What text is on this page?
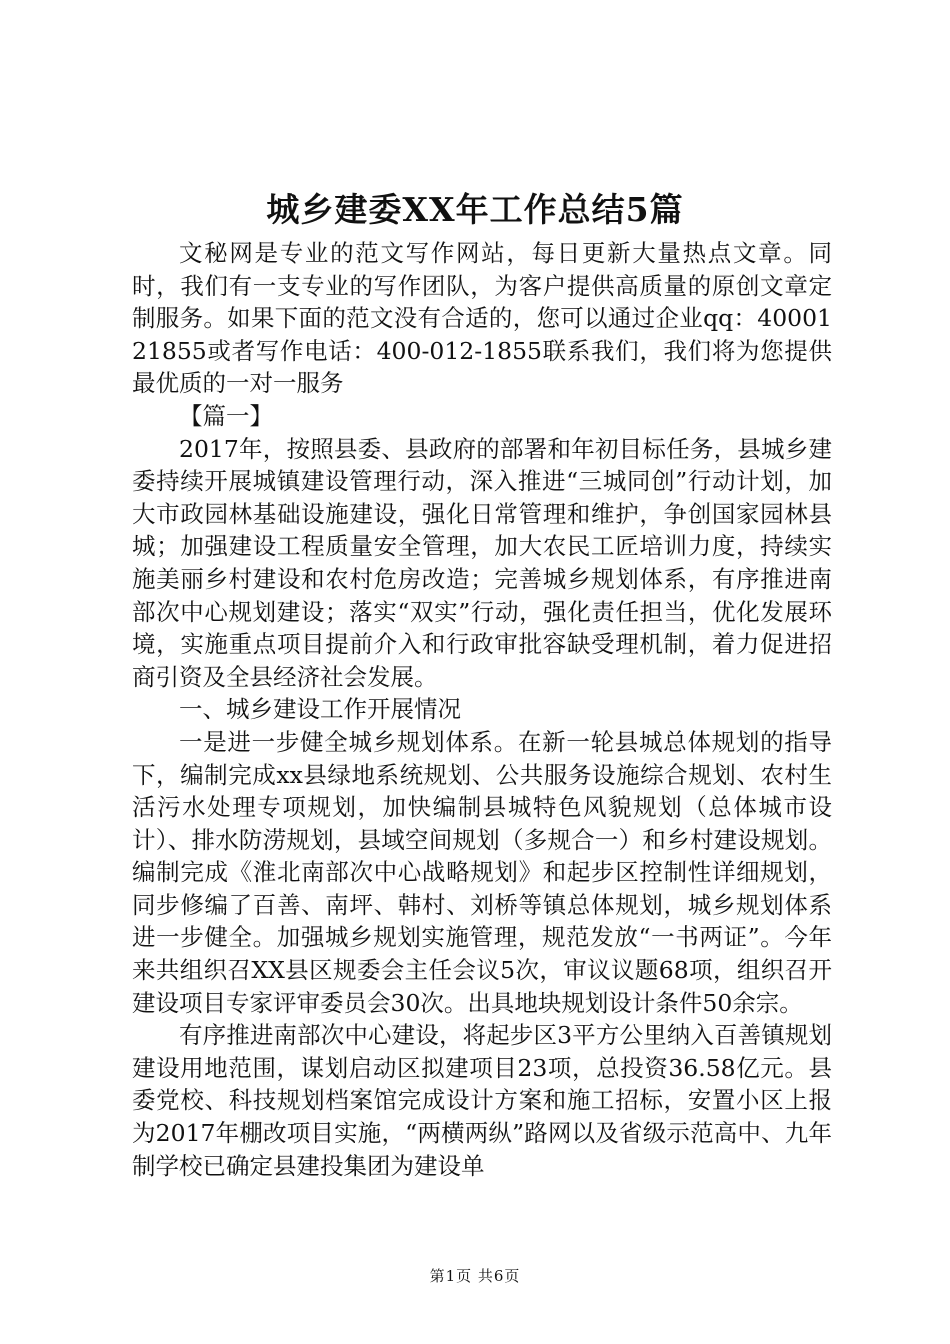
城乡建委XX年工作总结5篇

文秘网是专业的范文写作网站，每日更新大量热点文章。同时，我们有一支专业的写作团队，为客户提供高质量的原创文章定制服务。如果下面的范文没有合适的，您可以通过企业qq：4000121855或者写作电话：400-012-1855联系我们，我们将为您提供最优质的一对一服务

【篇一】

2017年，按照县委、县政府的部署和年初目标任务，县城乡建委持续开展城镇建设管理行动，深入推进“三城同创”行动计划，加大市政园林基础设施建设，强化日常管理和维护，争创国家园林县城；加强建设工程质量安全管理，加大农民工匠培训力度，持续实施美丽乡村建设和农村危房改造；完善城乡规划体系，有序推进南部次中心规划建设；落实“双实”行动，强化责任担当，优化发展环境，实施重点项目提前介入和行政审批容缺受理机制，着力促进招商引资及全县经济社会发展。

一、城乡建设工作开展情况

一是进一步健全城乡规划体系。在新一轮县城总体规划的指导下，编制完成xx县绿地系统规划、公共服务设施综合规划、农村生活污水处理专项规划，加快编制县城特色风貌规划（总体城市设计）、排水防涝规划，县域空间规划（多规合一）和乡村建设规划。编制完成《淮北南部次中心战略规划》和起步区控制性详细规划，同步修编了百善、南坪、韩村、刘桥等镇总体规划，城乡规划体系进一步健全。加强城乡规划实施管理，规范发放“一书两证”。今年来共组织召XX县区规委会主任会议5次，审议议题68项，组织召开建设项目专家评审委员会30次。出具地块规划设计条件50余宗。

有序推进南部次中心建设，将起步区3平方公里纳入百善镇规划建设用地范围，谋划启动区拟建项目23项，总投资36.58亿元。县委党校、科技规划档案馆完成设计方案和施工招标，安置小区上报为2017年棚改项目实施，“两横两纵”路网以及省级示范高中、九年制学校已确定县建投集团为建设单

第1页 共6页
